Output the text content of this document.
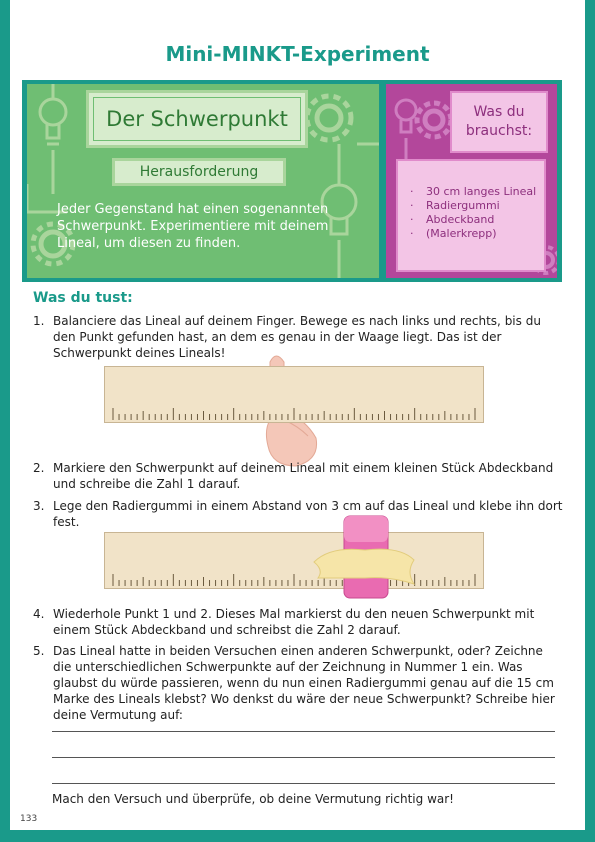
Mini-MINKT-Experiment
Der Schwerpunkt
Herausforderung
Jeder Gegenstand hat einen sogenannten Schwerpunkt. Experimentiere mit deinem Lineal, um diesen zu finden.
Was du
brauchst:
· 30 cm langes Lineal
· Radiergummi
· Abdeckband
· (Malerkrepp)
Was du tust:
1. Balanciere das Lineal auf deinem Finger. Bewege es nach links und rechts, bis du den Punkt gefunden hast, an dem es genau in der Waage liegt. Das ist der Schwerpunkt deines Lineals!
2. Markiere den Schwerpunkt auf deinem Lineal mit einem kleinen Stück Abdeckband und schreibe die Zahl 1 darauf.
3. Lege den Radiergummi in einem Abstand von 3 cm auf das Lineal und klebe ihn dort fest.
4. Wiederhole Punkt 1 und 2. Dieses Mal markierst du den neuen Schwerpunkt mit einem Stück Abdeckband und schreibst die Zahl 2 darauf.
5. Das Lineal hatte in beiden Versuchen einen anderen Schwerpunkt, oder? Zeichne die unterschiedlichen Schwerpunkte auf der Zeichnung in Nummer 1 ein. Was glaubst du würde passieren, wenn du nun einen Radiergummi genau auf die 15 cm Marke des Lineals klebst? Wo denkst du wäre der neue Schwerpunkt? Schreibe hier deine Vermutung auf:
Mach den Versuch und überprüfe, ob deine Vermutung richtig war!
133
